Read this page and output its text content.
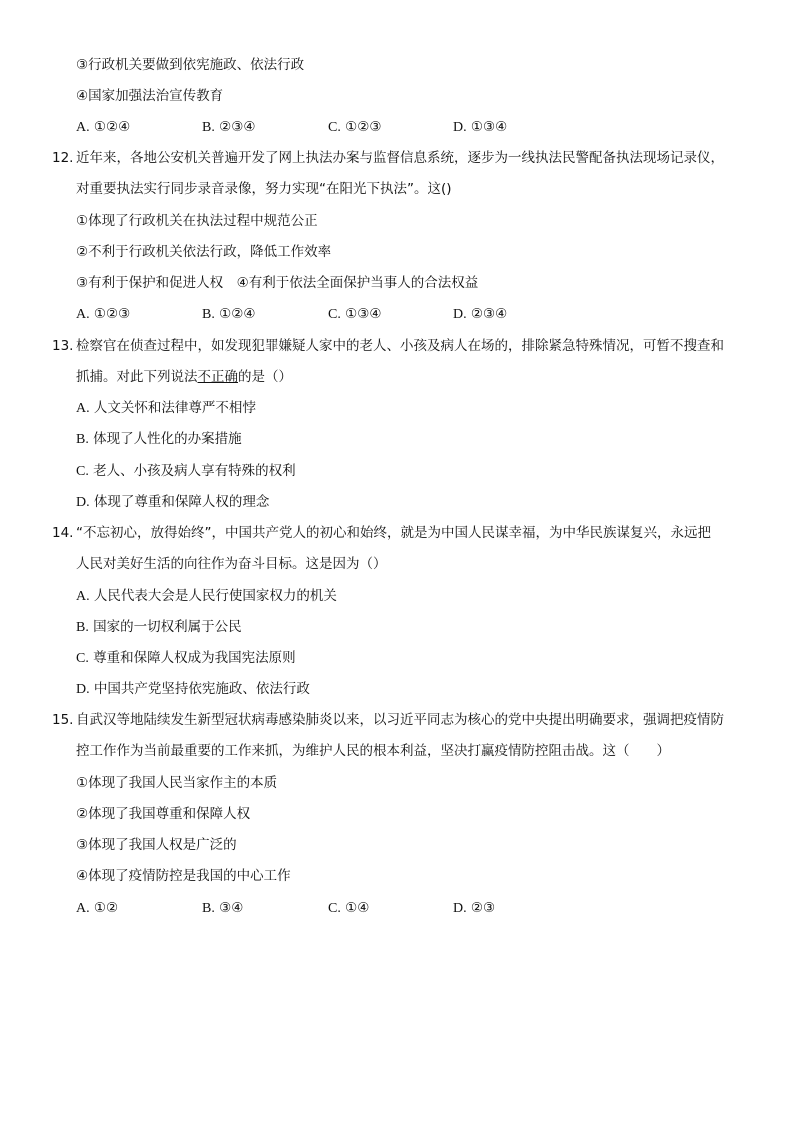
③行政机关要做到依宪施政、依法行政
④国家加强法治宣传教育
A. ①②④	B. ②③④	C. ①②③	D. ①③④
12. 近年来，各地公安机关普遍开发了网上执法办案与监督信息系统，逐步为一线执法民警配备执法现场记录仪，
对重要执法实行同步录音录像，努力实现“在阳光下执法”。这()
①体现了行政机关在执法过程中规范公正
②不利于行政机关依法行政，降低工作效率
③有利于保护和促进人权　④有利于依法全面保护当事人的合法权益
A. ①②③	B. ①②④	C. ①③④	D. ②③④
13. 检察官在侦查过程中，如发现犯罪嫌疑人家中的老人、小孩及病人在场的，排除紧急特殊情况，可暂不搜查和
抓捕。对此下列说法不正确的是（）
A. 人文关怀和法律尊严不相悖
B. 体现了人性化的办案措施
C. 老人、小孩及病人享有特殊的权利
D. 体现了尊重和保障人权的理念
14. “不忘初心，放得始终”，中国共产党人的初心和始终，就是为中国人民谋幸福，为中华民族谋复兴，永远把
人民对美好生活的向往作为奋斗目标。这是因为（）
A. 人民代表大会是人民行使国家权力的机关
B. 国家的一切权利属于公民
C. 尊重和保障人权成为我国宪法原则
D. 中国共产党坚持依宪施政、依法行政
15. 自武汉等地陆续发生新型冠状病毒感染肺炎以来，以习近平同志为核心的党中央提出明确要求，强调把疫情防
控工作作为当前最重要的工作来抓，为维护人民的根本利益，坚决打赢疫情防控阻击战。这（　　）
①体现了我国人民当家作主的本质
②体现了我国尊重和保障人权
③体现了我国人权是广泛的
④体现了疫情防控是我国的中心工作
A. ①②	B. ③④	C. ①④	D. ②③
